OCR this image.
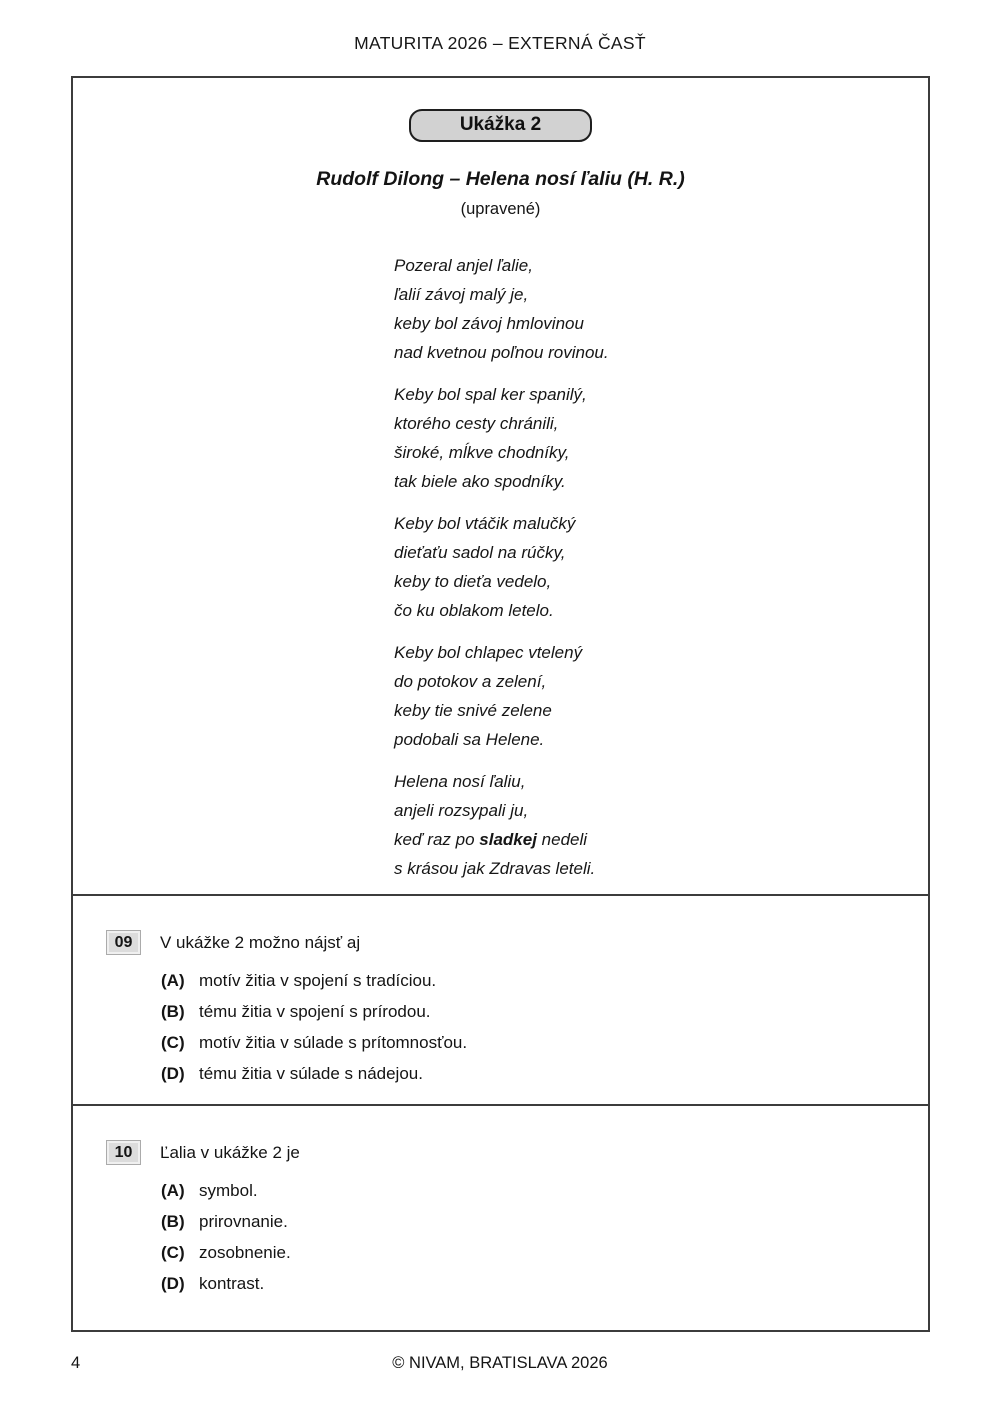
MATURITA 2026 – EXTERNÁ ČASŤ
Ukážka 2
Rudolf Dilong – Helena nosí ľaliu (H. R.)
(upravené)
Pozeral anjel ľalie,
ľalií závoj malý je,
keby bol závoj hmlovinou
nad kvetnou poľnou rovinou.
Keby bol spal ker spanilý,
ktorého cesty chránili,
široké, mĺkve chodníky,
tak biele ako spodníky.
Keby bol vtáčik malučký
dieťaťu sadol na rúčky,
keby to dieťa vedelo,
čo ku oblakom letelo.
Keby bol chlapec vtelený
do potokov a zelení,
keby tie snivé zelene
podobali sa Helene.
Helena nosí ľaliu,
anjeli rozsypali ju,
keď raz po sladkej nedeli
s krásou jak Zdravas leteli.
09	V ukážke 2 možno nájsť aj
(A) motív žitia v spojení s tradíciou.
(B) tému žitia v spojení s prírodou.
(C) motív žitia v súlade s prítomnosťou.
(D) tému žitia v súlade s nádejou.
10	Ľalia v ukážke 2 je
(A) symbol.
(B) prirovnanie.
(C) zosobnenie.
(D) kontrast.
4	© NIVAM, BRATISLAVA 2026
